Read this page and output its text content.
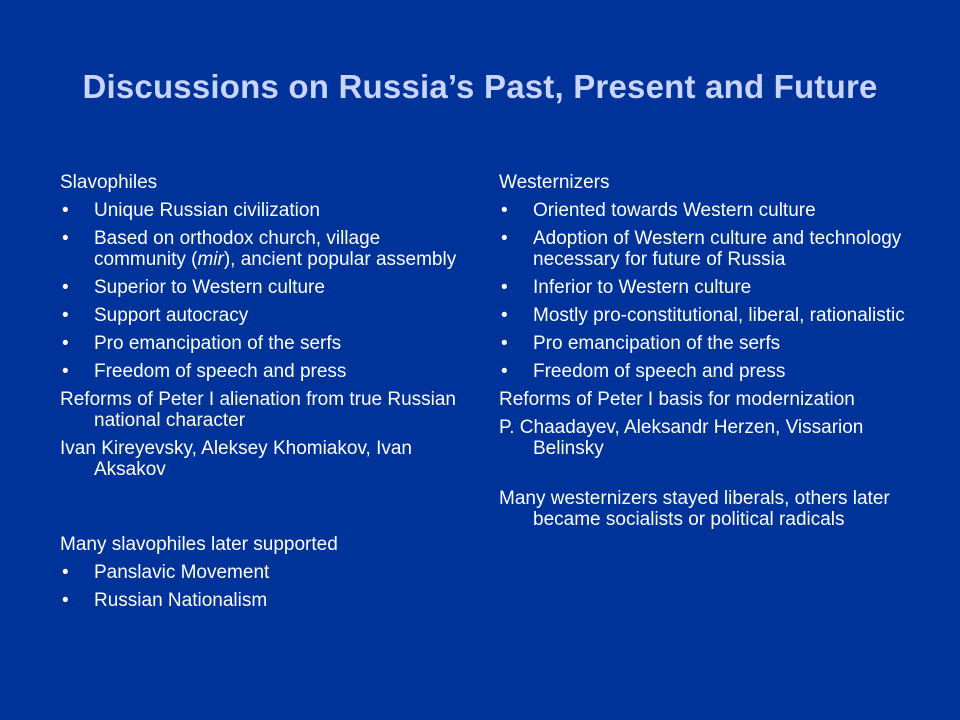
Discussions on Russia’s Past, Present and Future
Slavophiles
• Unique Russian civilization
• Based on orthodox church, village community (mir), ancient popular assembly
• Superior to Western culture
• Support autocracy
• Pro emancipation of the serfs
• Freedom of speech and press
Reforms of Peter I alienation from true Russian national character
Ivan Kireyevsky, Aleksey Khomiakov, Ivan Aksakov
Many slavophiles later supported
• Panslavic Movement
• Russian Nationalism
Westernizers
• Oriented towards Western culture
• Adoption of Western culture and technology necessary for future of Russia
• Inferior to Western culture
• Mostly pro-constitutional, liberal, rationalistic
• Pro emancipation of the serfs
• Freedom of speech and press
Reforms of Peter I basis for modernization
P. Chaadayev, Aleksandr Herzen, Vissarion Belinsky
Many westernizers stayed liberals, others later became socialists or political radicals
